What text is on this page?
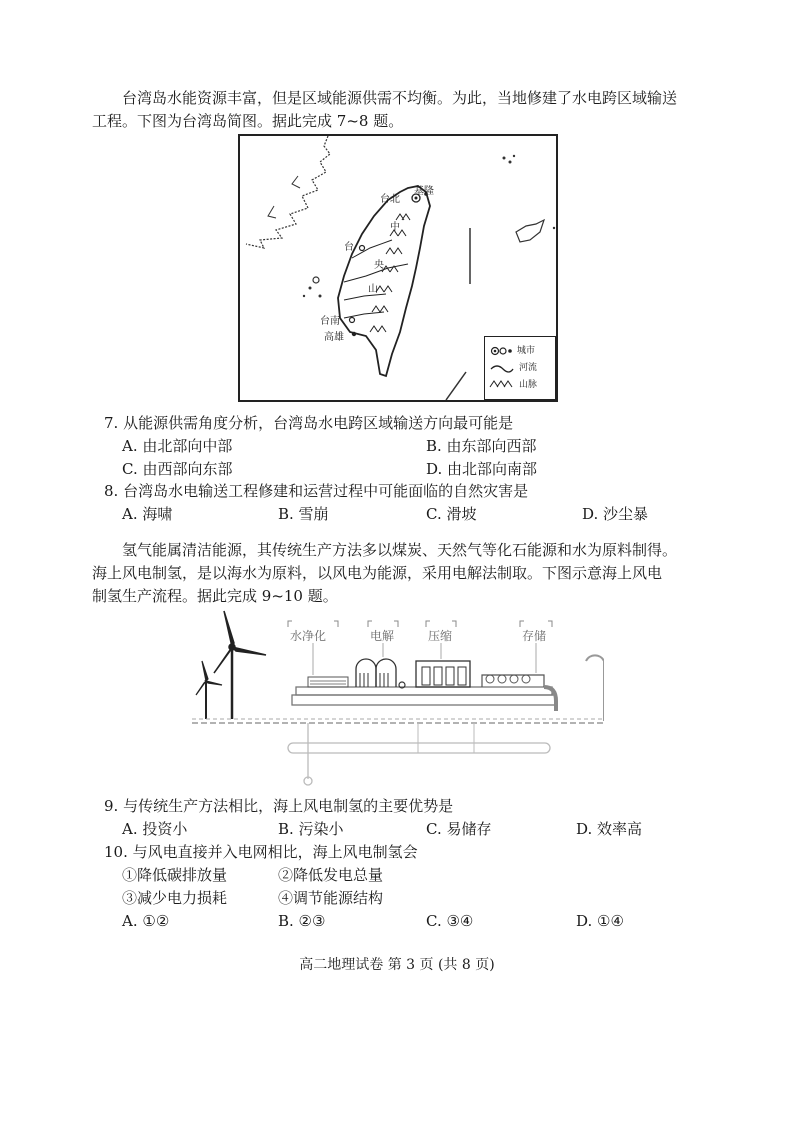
台湾岛水能资源丰富，但是区域能源供需不均衡。为此，当地修建了水电跨区域输送
工程。下图为台湾岛简图。据此完成 7~8 题。
基隆
台北
中
台
央
山
台南
高雄
城市
河流
山脉
7. 从能源供需角度分析，台湾岛水电跨区域输送方向最可能是
A. 由北部向中部	B. 由东部向西部
C. 由西部向东部	D. 由北部向南部
8. 台湾岛水电输送工程修建和运营过程中可能面临的自然灾害是
A. 海啸	B. 雪崩	C. 滑坡	D. 沙尘暴
氢气能属清洁能源，其传统生产方法多以煤炭、天然气等化石能源和水为原料制得。
海上风电制氢，是以海水为原料，以风电为能源，采用电解法制取。下图示意海上风电
制氢生产流程。据此完成 9~10 题。
水净化	电解	压缩	存储
9. 与传统生产方法相比，海上风电制氢的主要优势是
A. 投资小	B. 污染小	C. 易储存	D. 效率高
10. 与风电直接并入电网相比，海上风电制氢会
①降低碳排放量	②降低发电总量
③减少电力损耗	④调节能源结构
A. ①②	B. ②③	C. ③④	D. ①④
高二地理试卷 第 3 页 (共 8 页)
